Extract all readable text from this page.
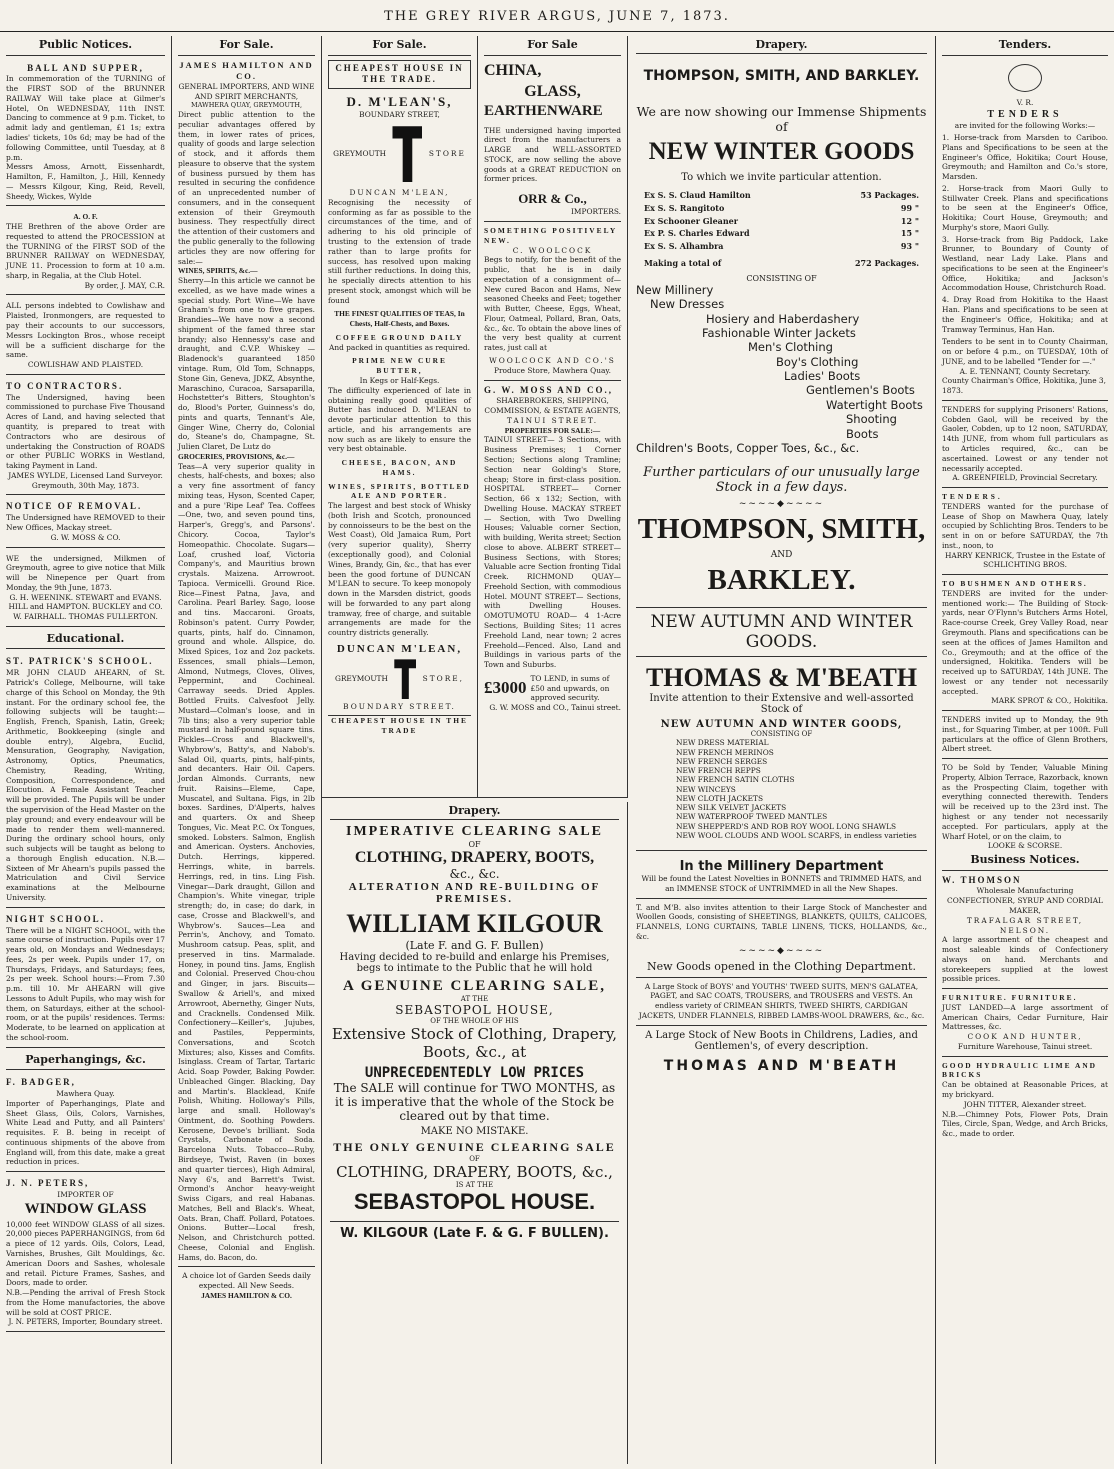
THE GREY RIVER ARGUS, JUNE 7, 1873.
Public Notices.
BALL AND SUPPER,
In commemoration of the TURNING of the FIRST SOD of the BRUNNER RAILWAY Will take place at Gilmer's Hotel, On WEDNESDAY, 11th INST. Dancing to commence at 9 p.m. Ticket, to admit lady and gentleman, £1 1s; extra ladies' tickets, 10s 6d; may be had of the following Committee, until Tuesday, at 8 p.m.
Messrs Amoss, Arnott, Eissenhardt, Hamilton, F., Hamilton, J., Hill, Kennedy — Messrs Kilgour, King, Reid, Revell, Sheedy, Wickes, Wylde
A. O. F.
THE Brethren of the above Order are requested to attend the PROCESSION at the TURNING of the FIRST SOD of the BRUNNER RAILWAY on WEDNESDAY, JUNE 11. Procession to form at 10 a.m. sharp, in Regalia, at the Club Hotel.
By order, J. MAY, C.R.
ALL persons indebted to Cowlishaw and Plaisted, Ironmongers, are requested to pay their accounts to our successors, Messrs Lockington Bros., whose receipt will be a sufficient discharge for the same.
COWLISHAW AND PLAISTED.
TO CONTRACTORS.
The Undersigned, having been commissioned to purchase Five Thousand Acres of Land, and having selected that quantity, is prepared to treat with Contractors who are desirous of undertaking the Construction of ROADS or other PUBLIC WORKS in Westland, taking Payment in Land.
JAMES WYLDE, Licensed Land Surveyor. Greymouth, 30th May, 1873.
NOTICE OF REMOVAL.
The Undersigned have REMOVED to their New Offices, Mackay street.
G. W. MOSS & CO.
WE the undersigned, Milkmen of Greymouth, agree to give notice that Milk will be Ninepence per Quart from Monday, the 9th June, 1873.
G. H. WEENINK. STEWART and EVANS. HILL and HAMPTON. BUCKLEY and CO. W. FAIRHALL. THOMAS FULLERTON.
Educational.
ST. PATRICK'S SCHOOL.
MR JOHN CLAUD AHEARN, of St. Patrick's College, Melbourne, will take charge of this School on Monday, the 9th instant. For the ordinary school fee, the following subjects will be taught:—English, French, Spanish, Latin, Greek; Arithmetic, Bookkeeping (single and double entry), Algebra, Euclid, Mensuration, Geography, Navigation, Astronomy, Optics, Pneumatics, Chemistry, Reading, Writing, Composition, Correspondence, and Elocution. A Female Assistant Teacher will be provided. The Pupils will be under the supervision of the Head Master on the play ground; and every endeavour will be made to render them well-mannered. During the ordinary school hours, only such subjects will be taught as belong to a thorough English education. N.B.—Sixteen of Mr Ahearn's pupils passed the Matriculation and Civil Service examinations at the Melbourne University.
NIGHT SCHOOL.
There will be a NIGHT SCHOOL, with the same course of instruction. Pupils over 17 years old, on Mondays and Wednesdays; fees, 2s per week. Pupils under 17, on Thursdays, Fridays, and Saturdays; fees, 2s per week. School hours:—From 7.30 p.m. till 10. Mr AHEARN will give Lessons to Adult Pupils, who may wish for them, on Saturdays, either at the school-room, or at the pupils' residences. Terms: Moderate, to be learned on application at the school-room.
Paperhangings, &c.
F. BADGER,
Mawhera Quay.
Importer of Paperhangings, Plate and Sheet Glass, Oils, Colors, Varnishes, White Lead and Putty, and all Painters' requisites. F. B. being in receipt of continuous shipments of the above from England will, from this date, make a great reduction in prices.
J. N. PETERS,
IMPORTER OF
WINDOW GLASS
10,000 feet WINDOW GLASS of all sizes. 20,000 pieces PAPERHANGINGS, from 6d a piece of 12 yards. Oils, Colors, Lead, Varnishes, Brushes, Gilt Mouldings, &c. American Doors and Sashes, wholesale and retail. Picture Frames, Sashes, and Doors, made to order.
N.B.—Pending the arrival of Fresh Stock from the Home manufactories, the above will be sold at COST PRICE.
J. N. PETERS, Importer, Boundary street.
For Sale.
JAMES HAMILTON AND CO.
GENERAL IMPORTERS, AND WINE AND SPIRIT MERCHANTS,
MAWHERA QUAY, GREYMOUTH,
Direct public attention to the peculiar advantages offered by them, in lower rates of prices, quality of goods and large selection of stock, and it affords them pleasure to observe that the system of business pursued by them has resulted in securing the confidence of an unprecedented number of consumers, and in the consequent extension of their Greymouth business. They respectfully direct the attention of their customers and the public generally to the following articles they are now offering for sale:—
WINES, SPIRITS, &c.—
Sherry—In this article we cannot be excelled, as we have made wines a special study. Port Wine—We have Graham's from one to five grapes. Brandies—We have now a second shipment of the famed three star brandy; also Hennessy's case and draught, and C.V.P. Whiskey — Bladenock's guaranteed 1850 vintage. Rum, Old Tom, Schnapps, Stone Gin, Geneva, JDKZ, Absynthe, Maraschino, Curacoa, Sarsaparilla, Hochstetter's Bitters, Stoughton's do, Blood's Porter, Guinness's do, pints and quarts, Tennant's Ale, Ginger Wine, Cherry do, Colonial do, Steane's do, Champagne, St. Julien Claret, De Lutz do
GROCERIES, PROVISIONS, &c.—
Teas—A very superior quality in chests, half-chests, and boxes; also a very fine assortment of fancy mixing teas, Hyson, Scented Caper, and a pure 'Ripe Leaf' Tea. Coffees—One, two, and seven pound tins, Harper's, Gregg's, and Parsons'. Chicory. Cocoa, Taylor's Homeopathic. Chocolate. Sugars—Loaf, crushed loaf, Victoria Company's, and Mauritius brown crystals. Maizena. Arrowroot. Tapioca. Vermicelli. Ground Rice. Rice—Finest Patna, Java, and Carolina. Pearl Barley. Sago, loose and tins. Maccaroni. Groats, Robinson's patent. Curry Powder, quarts, pints, half do. Cinnamon, ground and whole. Allspice, do. Mixed Spices, 1oz and 2oz packets. Essences, small phials—Lemon, Almond, Nutmegs, Cloves, Olives, Peppermint, and Cochineal. Carraway seeds. Dried Apples. Bottled Fruits. Calvesfoot Jelly. Mustard—Colman's loose, and in 7lb tins; also a very superior table mustard in half-pound square tins. Pickles—Cross and Blackwell's, Whybrow's, Batty's, and Nabob's. Salad Oil, quarts, pints, half-pints, and decanters. Hair Oil. Capers. Jordan Almonds. Currants, new fruit. Raisins—Eleme, Cape, Muscatel, and Sultana. Figs, in 2lb boxes. Sardines, D'Alperts, halves and quarters. Ox and Sheep Tongues, Vic. Meat P.C. Ox Tongues, smoked. Lobsters. Salmon, English and American. Oysters. Anchovies, Dutch. Herrings, kippered. Herrings, white, in barrels. Herrings, red, in tins. Ling Fish. Vinegar—Dark draught, Gillon and Champion's. White vinegar, triple strength; do, in case; do dark, in case, Crosse and Blackwell's, and Whybrow's. Sauces—Lea and Perrin's, Anchovy, and Tomato. Mushroom catsup. Peas, split, and preserved in tins. Marmalade. Honey, in pound tins. Jams, English and Colonial. Preserved Chou-chou and Ginger, in jars. Biscuits—Swallow & Ariell's, and mixed Arrowroot, Abernethy, Ginger Nuts, and Cracknells. Condensed Milk. Confectionery—Keiller's, Jujubes, and Pastiles, Peppermints, Conversations, and Scotch Mixtures; also, Kisses and Comfits. Isinglass. Cream of Tartar, Tartaric Acid. Soap Powder, Baking Powder. Unbleached Ginger. Blacking, Day and Martin's. Blacklead, Knife Polish, Whiting. Holloway's Pills, large and small. Holloway's Ointment, do. Soothing Powders. Kerosene, Devoe's brilliant. Soda Crystals, Carbonate of Soda. Barcelona Nuts. Tobacco—Ruby, Birdseye, Twist, Raven (in boxes and quarter tierces), High Admiral, Navy 6's, and Barrett's Twist. Ormond's Anchor heavy-weight Swiss Cigars, and real Habanas. Matches, Bell and Black's. Wheat, Oats. Bran, Chaff. Pollard, Potatoes. Onions. Butter—Local fresh, Nelson, and Christchurch potted. Cheese, Colonial and English. Hams, do. Bacon, do.
A choice lot of Garden Seeds daily expected. All New Seeds.
JAMES HAMILTON & CO.
For Sale.
CHEAPEST HOUSE IN THE TRADE.
D. M'LEAN'S,
BOUNDARY STREET,
GREYMOUTH	STORE
DUNCAN M'LEAN,
Recognising the necessity of conforming as far as possible to the circumstances of the time, and of adhering to his old principle of trusting to the extension of trade rather than to large profits for success, has resolved upon making still further reductions. In doing this, he specially directs attention to his present stock, amongst which will be found
THE FINEST QUALITIES OF TEAS, In Chests, Half-Chests, and Boxes.
COFFEE GROUND DAILY
And packed in quantities as required.
PRIME NEW CURE BUTTER,
In Kegs or Half-Kegs.
The difficulty experienced of late in obtaining really good qualities of Butter has induced D. M'LEAN to devote particular attention to this article, and his arrangements are now such as are likely to ensure the very best obtainable.
CHEESE, BACON, AND HAMS.
WINES, SPIRITS, BOTTLED ALE AND PORTER.
The largest and best stock of Whisky (both Irish and Scotch, pronounced by connoisseurs to be the best on the West Coast), Old Jamaica Rum, Port (very superior quality), Sherry (exceptionally good), and Colonial Wines, Brandy, Gin, &c., that has ever been the good fortune of DUNCAN M'LEAN to secure. To keep monopoly down in the Marsden district, goods will be forwarded to any part along tramway, free of charge, and suitable arrangements are made for the country districts generally.
DUNCAN M'LEAN,
GREYMOUTH	STORE,
BOUNDARY STREET.
CHEAPEST HOUSE IN THE TRADE
For Sale
CHINA,
GLASS,
EARTHENWARE
THE undersigned having imported direct from the manufacturers a LARGE and WELL-ASSORTED STOCK, are now selling the above goods at a GREAT REDUCTION on former prices.
ORR & Co.,
IMPORTERS.
SOMETHING POSITIVELY NEW.
C. WOOLCOCK
Begs to notify, for the benefit of the public, that he is in daily expectation of a consignment of—New cured Bacon and Hams, New seasoned Cheeks and Feet; together with Butter, Cheese, Eggs, Wheat, Flour, Oatmeal, Pollard, Bran, Oats, &c., &c. To obtain the above lines of the very best quality at current rates, just call at
WOOLCOCK AND CO.'S
Produce Store, Mawhera Quay.
G. W. MOSS AND CO.,
SHAREBROKERS, SHIPPING, COMMISSION, & ESTATE AGENTS,
TAINUI STREET.
PROPERTIES FOR SALE:—
TAINUI STREET— 3 Sections, with Business Premises; 1 Corner Section; Sections along Tramline; Section near Golding's Store, cheap; Store in first-class position. HOSPITAL STREET— Corner Section, 66 x 132; Section, with Dwelling House. MACKAY STREET— Section, with Two Dwelling Houses; Valuable corner Section, with building, Werita street; Section close to above. ALBERT STREET— Business Sections, with Stores; Valuable acre Section fronting Tidal Creek. RICHMOND QUAY— Freehold Section, with commodious Hotel. MOUNT STREET— Sections, with Dwelling Houses. OMOTUMOTU ROAD— 4 1-Acre Sections, Building Sites; 11 acres Freehold Land, near town; 2 acres Freehold—Fenced. Also, Land and Buildings in various parts of the Town and Suburbs.
£3000 TO LEND, in sums of £50 and upwards, on approved security.
G. W. MOSS and CO., Tainui street.
Drapery.
IMPERATIVE CLEARING SALE
OF
CLOTHING, DRAPERY, BOOTS,
&c., &c.
ALTERATION AND RE-BUILDING OF PREMISES.
WILLIAM KILGOUR
(Late F. and G. F. Bullen)
Having decided to re-build and enlarge his Premises, begs to intimate to the Public that he will hold
A GENUINE CLEARING SALE,
AT THE
SEBASTOPOL HOUSE,
OF THE WHOLE OF HIS
Extensive Stock of Clothing, Drapery, Boots, &c., at
UNPRECEDENTEDLY LOW PRICES
The SALE will continue for TWO MONTHS, as it is imperative that the whole of the Stock be cleared out by that time.
MAKE NO MISTAKE.
THE ONLY GENUINE CLEARING SALE
OF
CLOTHING, DRAPERY, BOOTS, &c.,
IS AT THE
SEBASTOPOL HOUSE.
W. KILGOUR (Late F. & G. F BULLEN).
Drapery.
THOMPSON, SMITH, AND BARKLEY.
We are now showing our Immense Shipments of
NEW WINTER GOODS
To which we invite particular attention.
Ex S. S. Claud Hamilton	53 Packages.
Ex S. S. Rangitoto	99 "
Ex Schooner Gleaner	12 "
Ex P. S. Charles Edward	15 "
Ex S. S. Alhambra	93 "
Making a total of	272 Packages.
CONSISTING OF
New Millinery
New Dresses
Hosiery and Haberdashery
Fashionable Winter Jackets
Men's Clothing
Boy's Clothing
Ladies' Boots
Gentlemen's Boots
Watertight Boots
Shooting Boots
Children's Boots, Copper Toes, &c., &c.
Further particulars of our unusually large Stock in a few days.
~~~~◆~~~~
THOMPSON, SMITH,
AND
BARKLEY.
NEW AUTUMN AND WINTER GOODS.
THOMAS & M'BEATH
Invite attention to their Extensive and well-assorted Stock of
NEW AUTUMN AND WINTER GOODS,
CONSISTING OF
NEW DRESS MATERIAL
NEW FRENCH MERINOS
NEW FRENCH SERGES
NEW FRENCH REPPS
NEW FRENCH SATIN CLOTHS
NEW WINCEYS
NEW CLOTH JACKETS
NEW SILK VELVET JACKETS
NEW WATERPROOF TWEED MANTLES
NEW SHEPPERD'S AND ROB ROY WOOL LONG SHAWLS
NEW WOOL CLOUDS AND WOOL SCARFS, in endless varieties
In the Millinery Department
Will be found the Latest Novelties in BONNETS and TRIMMED HATS, and an IMMENSE STOCK of UNTRIMMED in all the New Shapes.
T. and M'B. also invites attention to their Large Stock of Manchester and Woollen Goods, consisting of SHEETINGS, BLANKETS, QUILTS, CALICOES, FLANNELS, LONG CURTAINS, TABLE LINENS, TICKS, HOLLANDS, &c., &c.
~~~~◆~~~~
New Goods opened in the Clothing Department.
A Large Stock of BOYS' and YOUTHS' TWEED SUITS, MEN'S GALATEA, PAGET, and SAC COATS, TROUSERS, and TROUSERS and VESTS. An endless variety of CRIMEAN SHIRTS, TWEED SHIRTS, CARDIGAN JACKETS, UNDER FLANNELS, RIBBED LAMBS-WOOL DRAWERS, &c., &c.
A Large Stock of New Boots in Childrens, Ladies, and Gentlemen's, of every description.
THOMAS AND M'BEATH
Tenders.
V. R.
TENDERS
are invited for the following Works:—
1. Horse-track from Marsden to Cariboo. Plans and Specifications to be seen at the Engineer's Office, Hokitika; Court House, Greymouth; and Hamilton and Co.'s store, Marsden.
2. Horse-track from Maori Gully to Stillwater Creek. Plans and specifications to be seen at the Engineer's Office, Hokitika; Court House, Greymouth; and Murphy's store, Maori Gully.
3. Horse-track from Big Paddock, Lake Brunner, to Boundary of County of Westland, near Lady Lake. Plans and specifications to be seen at the Engineer's Office, Hokitika; and Jackson's Accommodation House, Christchurch Road.
4. Dray Road from Hokitika to the Haast Han. Plans and specifications to be seen at the Engineer's Office, Hokitika; and at Tramway Terminus, Han Han.
Tenders to be sent in to County Chairman, on or before 4 p.m., on TUESDAY, 10th of JUNE, and to be labelled "Tender for —."
A. E. TENNANT, County Secretary.
County Chairman's Office, Hokitika, June 3, 1873.
TENDERS for supplying Prisoners' Rations, Cobden Gaol, will be received by the Gaoler, Cobden, up to 12 noon, SATURDAY, 14th JUNE, from whom full particulars as to Articles required, &c., can be ascertained. Lowest or any tender not necessarily accepted.
A. GREENFIELD, Provincial Secretary.
TENDERS.
TENDERS wanted for the purchase of Lease of Shop on Mawhera Quay, lately occupied by Schlichting Bros. Tenders to be sent in on or before SATURDAY, the 7th inst., noon, to
HARRY KENRICK, Trustee in the Estate of SCHLICHTING BROS.
TO BUSHMEN AND OTHERS.
TENDERS are invited for the under-mentioned work:— The Building of Stock-yards, near O'Flynn's Butchers Arms Hotel, Race-course Creek, Grey Valley Road, near Greymouth. Plans and specifications can be seen at the offices of James Hamilton and Co., Greymouth; and at the office of the undersigned, Hokitika. Tenders will be received up to SATURDAY, 14th JUNE. The lowest or any tender not necessarily accepted.
MARK SPROT & CO., Hokitika.
TENDERS invited up to Monday, the 9th inst., for Squaring Timber, at per 100ft. Full particulars at the office of Glenn Brothers, Albert street.
TO be Sold by Tender, Valuable Mining Property, Albion Terrace, Razorback, known as the Prospecting Claim, together with everything connected therewith. Tenders will be received up to the 23rd inst. The highest or any tender not necessarily accepted. For particulars, apply at the Wharf Hotel, or on the claim, to
LOOKE & SCORSE.
Business Notices.
W. THOMSON
Wholesale Manufacturing CONFECTIONER, SYRUP AND CORDIAL MAKER,
TRAFALGAR STREET, NELSON.
A large assortment of the cheapest and most saleable kinds of Confectionery always on hand. Merchants and storekeepers supplied at the lowest possible prices.
FURNITURE. FURNITURE.
JUST LANDED—A large assortment of American Chairs, Cedar Furniture, Hair Mattresses, &c.
COOK AND HUNTER,
Furniture Warehouse, Tainui street.
GOOD HYDRAULIC LIME AND BRICKS
Can be obtained at Reasonable Prices, at my brickyard.
JOHN TITTER, Alexander street.
N.B.—Chimney Pots, Flower Pots, Drain Tiles, Circle, Span, Wedge, and Arch Bricks, &c., made to order.
